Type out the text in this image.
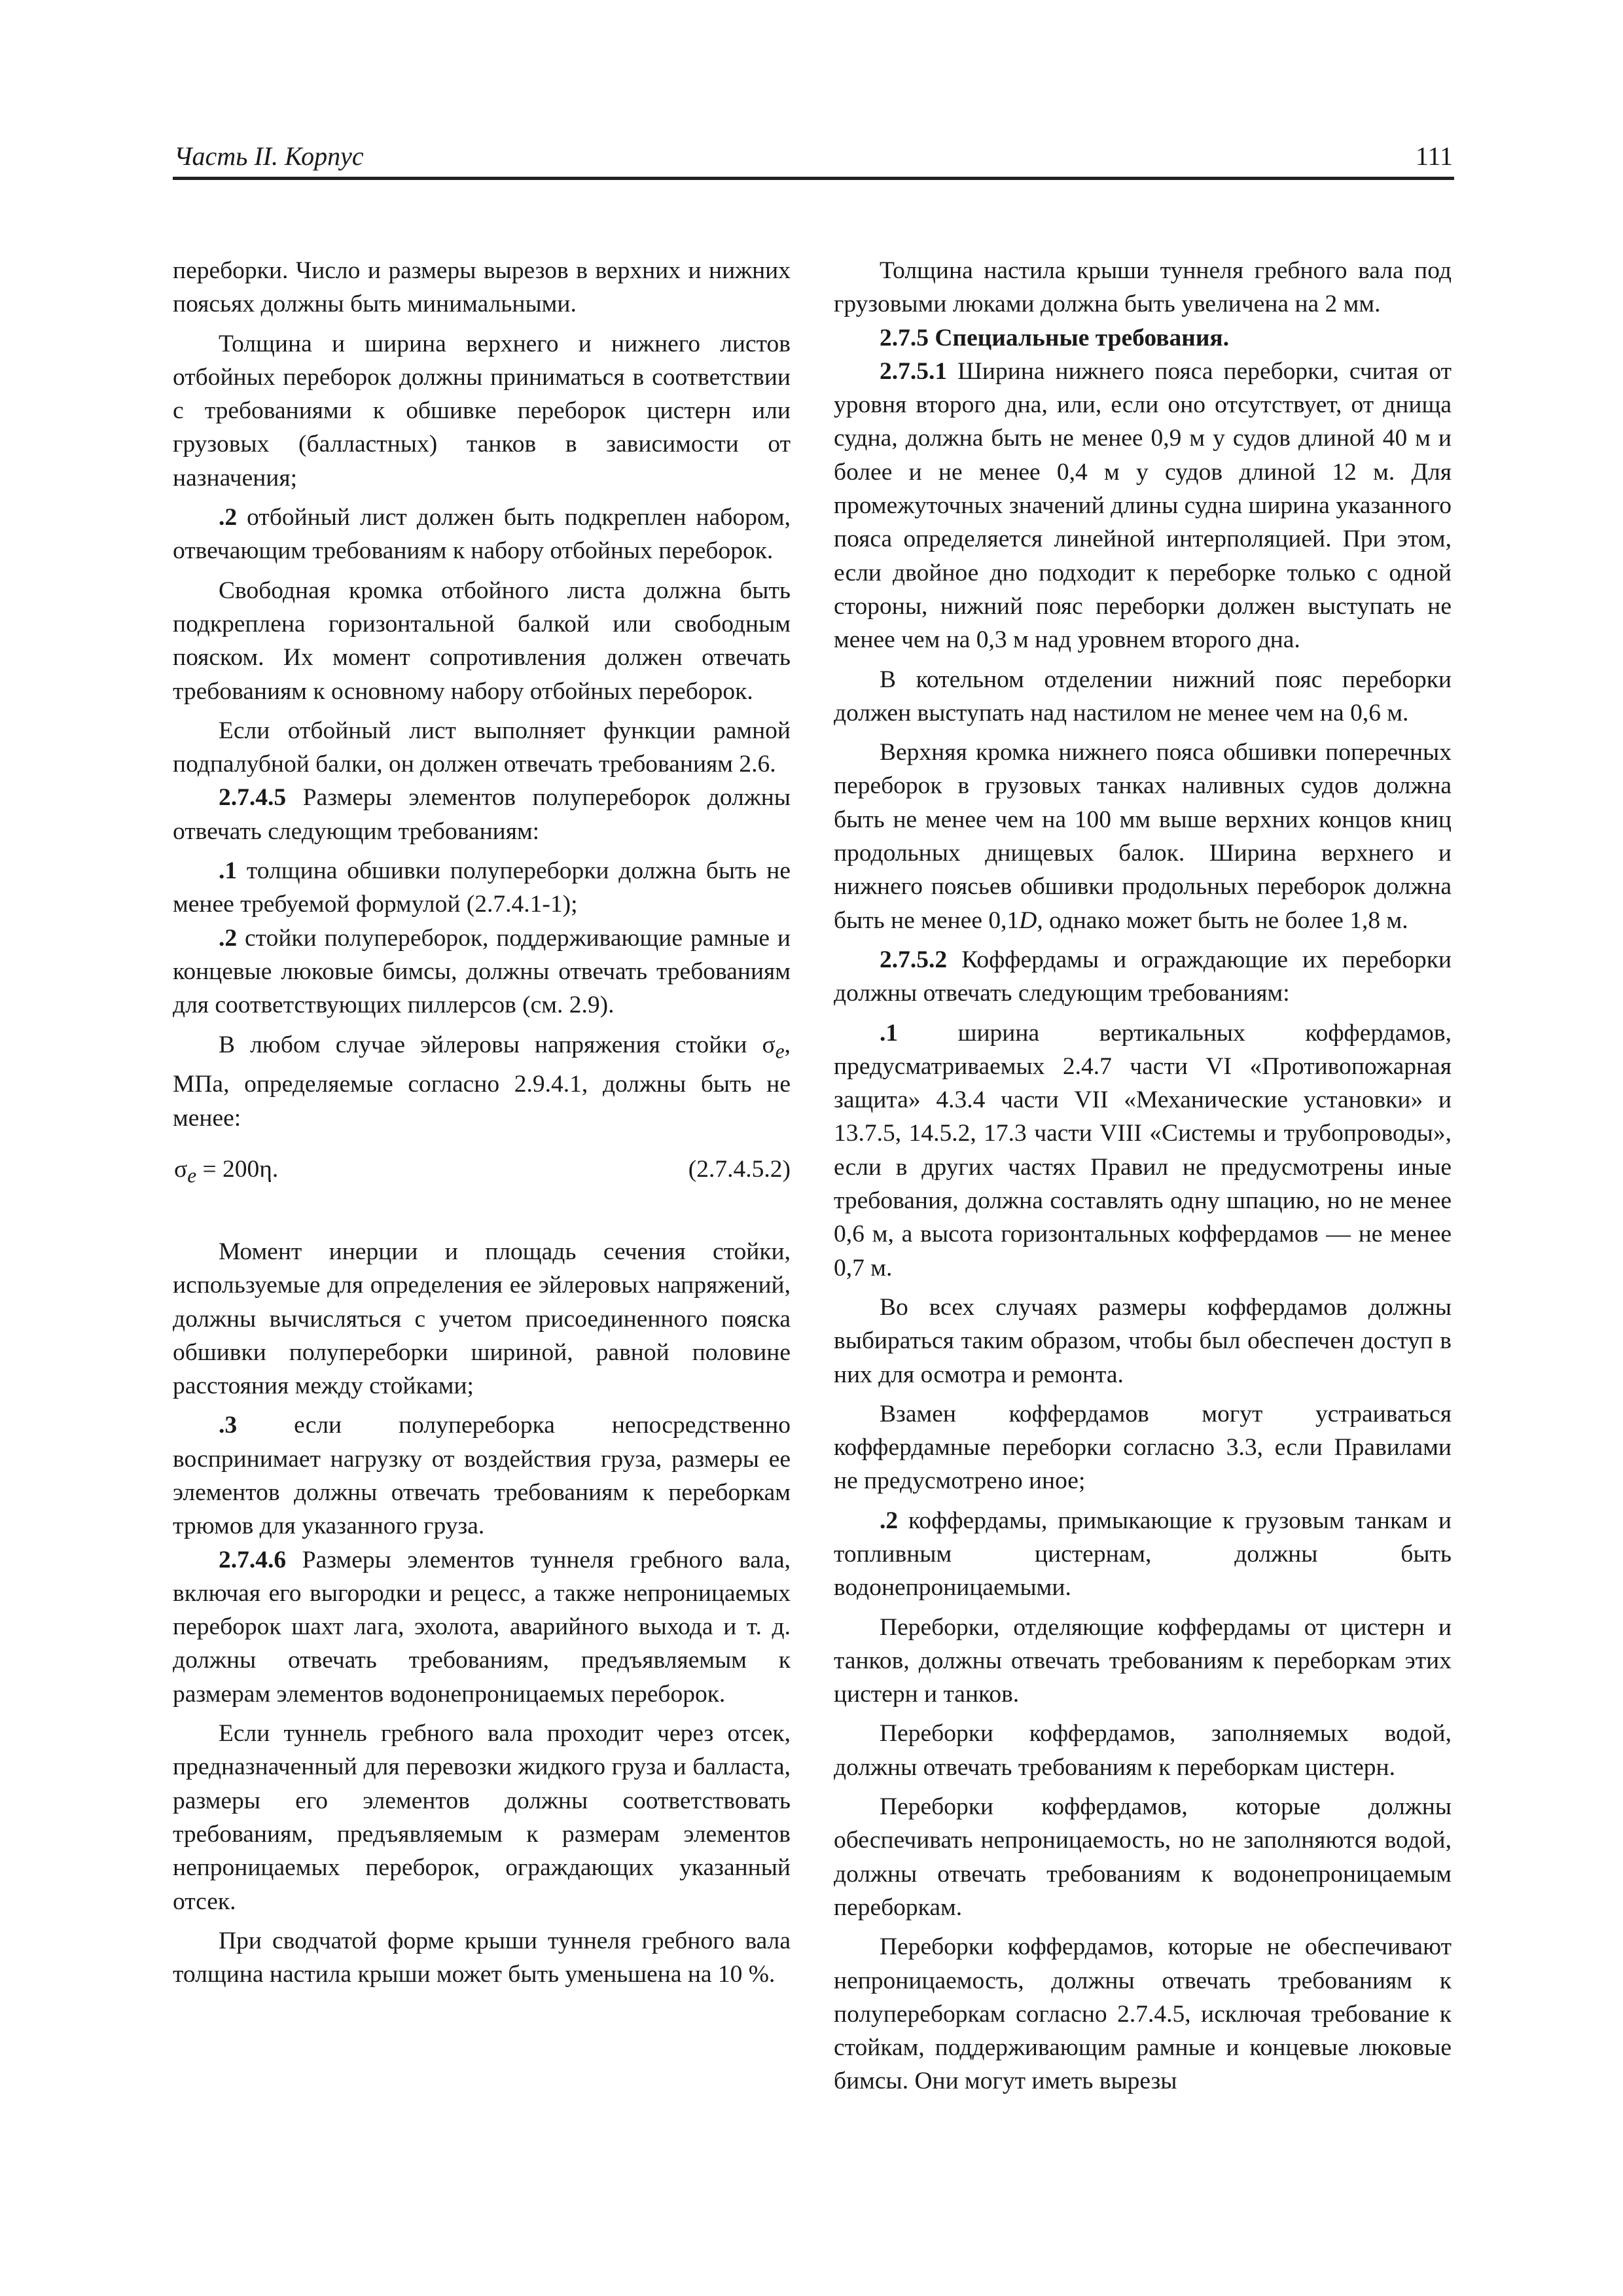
Часть II. Корпус	111

переборки. Число и размеры вырезов в верхних и нижних поясьях должны быть минимальными.

Толщина и ширина верхнего и нижнего листов отбойных переборок должны приниматься в соответствии с требованиями к обшивке переборок цистерн или грузовых (балластных) танков в зависимости от назначения;

.2 отбойный лист должен быть подкреплен набором, отвечающим требованиям к набору отбойных переборок.

Свободная кромка отбойного листа должна быть подкреплена горизонтальной балкой или свободным пояском. Их момент сопротивления должен отвечать требованиям к основному набору отбойных переборок.

Если отбойный лист выполняет функции рамной подпалубной балки, он должен отвечать требованиям 2.6.

2.7.4.5 Размеры элементов полупереборок должны отвечать следующим требованиям:

.1 толщина обшивки полупереборки должна быть не менее требуемой формулой (2.7.4.1-1);

.2 стойки полупереборок, поддерживающие рамные и концевые люковые бимсы, должны отвечать требованиям для соответствующих пиллерсов (см. 2.9).

В любом случае эйлеровы напряжения стойки $\sigma_e$, МПа, определяемые согласно 2.9.4.1, должны быть не менее:

$\sigma_e = 200\eta$.	(2.7.4.5.2)

Момент инерции и площадь сечения стойки, используемые для определения ее эйлеровых напряжений, должны вычисляться с учетом присоединенного пояска обшивки полупереборки шириной, равной половине расстояния между стойками;

.3 если полупереборка непосредственно воспринимает нагрузку от воздействия груза, размеры ее элементов должны отвечать требованиям к переборкам трюмов для указанного груза.

2.7.4.6 Размеры элементов туннеля гребного вала, включая его выгородки и рецесс, а также непроницаемых переборок шахт лага, эхолота, аварийного выхода и т. д. должны отвечать требованиям, предъявляемым к размерам элементов водонепроницаемых переборок.

Если туннель гребного вала проходит через отсек, предназначенный для перевозки жидкого груза и балласта, размеры его элементов должны соответствовать требованиям, предъявляемым к размерам элементов непроницаемых переборок, ограждающих указанный отсек.

При сводчатой форме крыши туннеля гребного вала толщина настила крыши может быть уменьшена на 10 %.

Толщина настила крыши туннеля гребного вала под грузовыми люками должна быть увеличена на 2 мм.

2.7.5 Специальные требования.

2.7.5.1 Ширина нижнего пояса переборки, считая от уровня второго дна, или, если оно отсутствует, от днища судна, должна быть не менее 0,9 м у судов длиной 40 м и более и не менее 0,4 м у судов длиной 12 м. Для промежуточных значений длины судна ширина указанного пояса определяется линейной интерполяцией. При этом, если двойное дно подходит к переборке только с одной стороны, нижний пояс переборки должен выступать не менее чем на 0,3 м над уровнем второго дна.

В котельном отделении нижний пояс переборки должен выступать над настилом не менее чем на 0,6 м.

Верхняя кромка нижнего пояса обшивки поперечных переборок в грузовых танках наливных судов должна быть не менее чем на 100 мм выше верхних концов книц продольных днищевых балок. Ширина верхнего и нижнего поясьев обшивки продольных переборок должна быть не менее 0,1D, однако может быть не более 1,8 м.

2.7.5.2 Коффердамы и ограждающие их переборки должны отвечать следующим требованиям:

.1 ширина вертикальных коффердамов, предусматриваемых 2.4.7 части VI «Противопожарная защита» 4.3.4 части VII «Механические установки» и 13.7.5, 14.5.2, 17.3 части VIII «Системы и трубопроводы», если в других частях Правил не предусмотрены иные требования, должна составлять одну шпацию, но не менее 0,6 м, а высота горизонтальных коффердамов — не менее 0,7 м.

Во всех случаях размеры коффердамов должны выбираться таким образом, чтобы был обеспечен доступ в них для осмотра и ремонта.

Взамен коффердамов могут устраиваться коффердамные переборки согласно 3.3, если Правилами не предусмотрено иное;

.2 коффердамы, примыкающие к грузовым танкам и топливным цистернам, должны быть водонепроницаемыми.

Переборки, отделяющие коффердамы от цистерн и танков, должны отвечать требованиям к переборкам этих цистерн и танков.

Переборки коффердамов, заполняемых водой, должны отвечать требованиям к переборкам цистерн.

Переборки коффердамов, которые должны обеспечивать непроницаемость, но не заполняются водой, должны отвечать требованиям к водонепроницаемым переборкам.

Переборки коффердамов, которые не обеспечивают непроницаемость, должны отвечать требованиям к полупереборкам согласно 2.7.4.5, исключая требование к стойкам, поддерживающим рамные и концевые люковые бимсы. Они могут иметь вырезы
